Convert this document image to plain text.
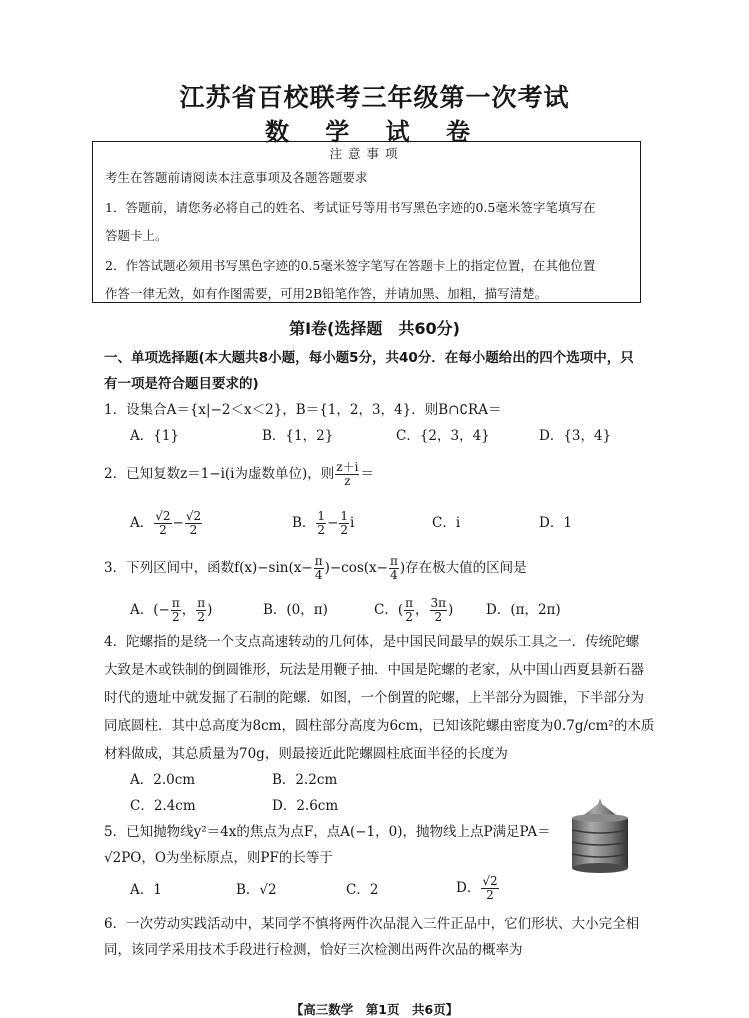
江苏省百校联考三年级第一次考试
数 学 试 卷
注意事项
考生在答题前请阅读本注意事项及各题答题要求
1．答题前，请您务必将自己的姓名、考试证号等用书写黑色字迹的0.5毫米签字笔填写在
答题卡上。
2．作答试题必须用书写黑色字迹的0.5毫米签字笔写在答题卡上的指定位置，在其他位置
作答一律无效，如有作图需要，可用2B铅笔作答，并请加黑、加粗，描写清楚。
第Ⅰ卷(选择题　共60分)
一、单项选择题(本大题共8小题，每小题5分，共40分．在每小题给出的四个选项中，只
有一项是符合题目要求的)
1．设集合A＝{x|−2＜x＜2}，B＝{1，2，3，4}．则B∩∁RA＝
A．{1}	B．{1，2}	C．{2，3，4}	D．{3，4}
2．已知复数z＝1−i(i为虚数单位)，则 $\frac{z+i}{z}$ ＝
A． $\frac{√2}{2} - \frac{√2}{2}$	B． $\frac{1}{2} - \frac{1}{2}$ i	C．i	D．1
3．下列区间中，函数$f(x)-\sin(x- \frac{\pi}{4} )-\cos(x- \frac{\pi}{4}$ )存在极大值的区间是
A．(− $\frac{\pi}{2}$ ， $\frac{\pi}{2}$ )	B．(0，π)	C．( $\frac{\pi}{2}$ ， $\frac{3\pi}{2}$ ) D．(π，2π)
4．陀螺指的是绕一个支点高速转动的几何体，是中国民间最早的娱乐工具之一．传统陀螺
大致是木或铁制的倒圆锥形，玩法是用鞭子抽．中国是陀螺的老家，从中国山西夏县新石器
时代的遗址中就发掘了石制的陀螺．如图，一个倒置的陀螺，上半部分为圆锥，下半部分为
同底圆柱．其中总高度为8cm，圆柱部分高度为6cm，已知该陀螺由密度为0.7g/cm²的木质
材料做成，其总质量为70g，则最接近此陀螺圆柱底面半径的长度为
A．2.0cm	B．2.2cm
C．2.4cm	D．2.6cm
5．已知抛物线y²＝4x的焦点为点F，点A(−1，0)，抛物线上点P满足PA＝
√2PO，O为坐标原点，则PF的长等于
A．1	B．√2	C．2	D． $\frac{√2}{2}$
6．一次劳动实践活动中，某同学不慎将两件次品混入三件正品中，它们形状、大小完全相
同，该同学采用技术手段进行检测，恰好三次检测出两件次品的概率为
【高三数学　第1页　共6页】
